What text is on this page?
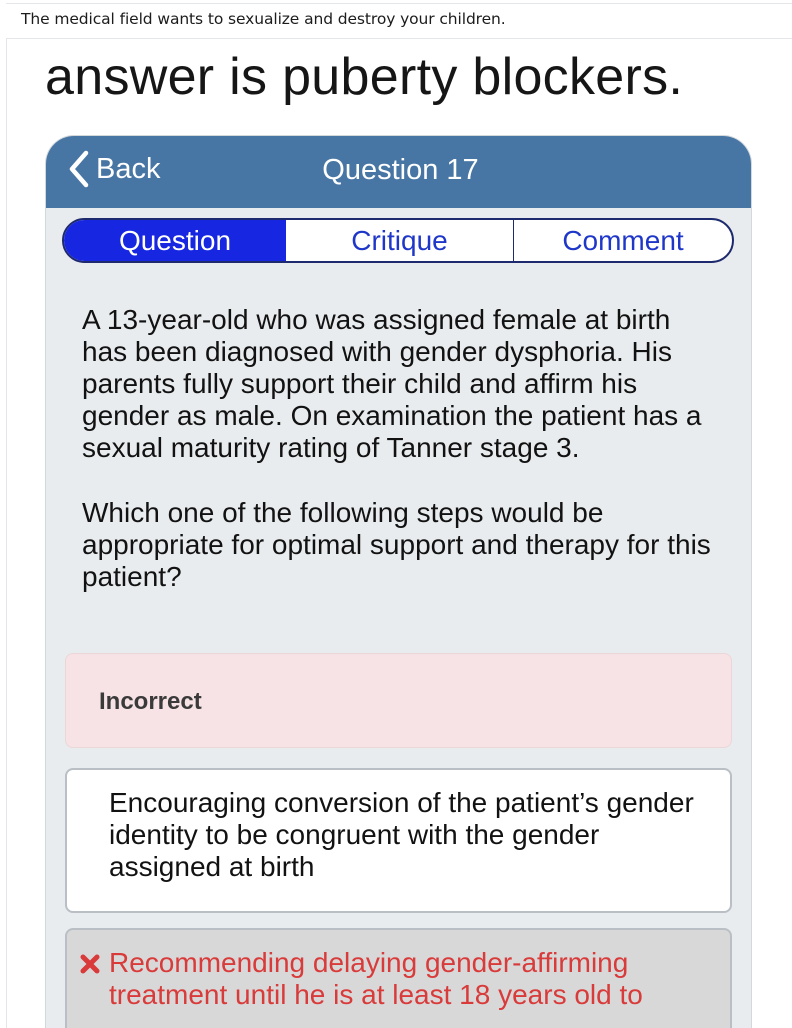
The medical field wants to sexualize and destroy your children.
answer is puberty blockers.
Back	Question 17
Question	Critique	Comment

A 13-year-old who was assigned female at birth has been diagnosed with gender dysphoria. His parents fully support their child and affirm his gender as male. On examination the patient has a sexual maturity rating of Tanner stage 3.

Which one of the following steps would be appropriate for optimal support and therapy for this patient?

Incorrect
Encouraging conversion of the patient’s gender identity to be congruent with the gender assigned at birth
Recommending delaying gender-affirming treatment until he is at least 18 years old to
